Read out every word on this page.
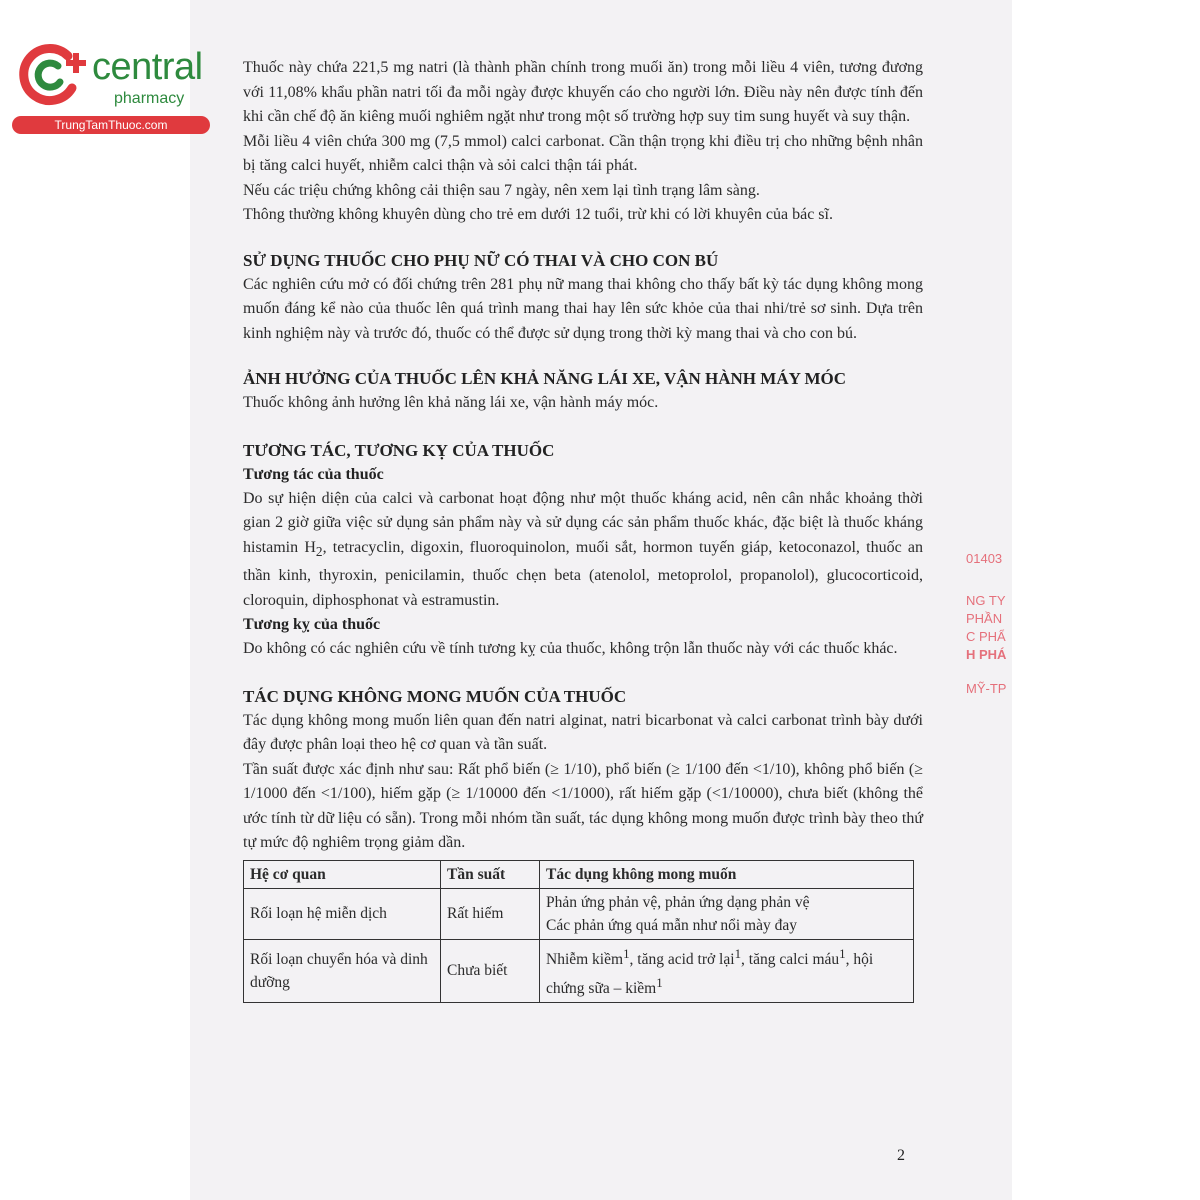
central
pharmacy
TrungTamThuoc.com

Thuốc này chứa 221,5 mg natri (là thành phần chính trong muối ăn) trong mỗi liều 4 viên, tương đương với 11,08% khẩu phần natri tối đa mỗi ngày được khuyến cáo cho người lớn. Điều này nên được tính đến khi cần chế độ ăn kiêng muối nghiêm ngặt như trong một số trường hợp suy tim sung huyết và suy thận.

Mỗi liều 4 viên chứa 300 mg (7,5 mmol) calci carbonat. Cần thận trọng khi điều trị cho những bệnh nhân bị tăng calci huyết, nhiễm calci thận và sỏi calci thận tái phát.

Nếu các triệu chứng không cải thiện sau 7 ngày, nên xem lại tình trạng lâm sàng.

Thông thường không khuyên dùng cho trẻ em dưới 12 tuổi, trừ khi có lời khuyên của bác sĩ.

SỬ DỤNG THUỐC CHO PHỤ NỮ CÓ THAI VÀ CHO CON BÚ

Các nghiên cứu mở có đối chứng trên 281 phụ nữ mang thai không cho thấy bất kỳ tác dụng không mong muốn đáng kể nào của thuốc lên quá trình mang thai hay lên sức khỏe của thai nhi/trẻ sơ sinh. Dựa trên kinh nghiệm này và trước đó, thuốc có thể được sử dụng trong thời kỳ mang thai và cho con bú.

ẢNH HƯỞNG CỦA THUỐC LÊN KHẢ NĂNG LÁI XE, VẬN HÀNH MÁY MÓC

Thuốc không ảnh hưởng lên khả năng lái xe, vận hành máy móc.

TƯƠNG TÁC, TƯƠNG KỴ CỦA THUỐC
Tương tác của thuốc

Do sự hiện diện của calci và carbonat hoạt động như một thuốc kháng acid, nên cân nhắc khoảng thời gian 2 giờ giữa việc sử dụng sản phẩm này và sử dụng các sản phẩm thuốc khác, đặc biệt là thuốc kháng histamin $H_2$, tetracyclin, digoxin, fluoroquinolon, muối sắt, hormon tuyến giáp, ketoconazol, thuốc an thần kinh, thyroxin, penicilamin, thuốc chẹn beta (atenolol, metoprolol, propanolol), glucocorticoid, cloroquin, diphosphonat và estramustin.

Tương kỵ của thuốc

Do không có các nghiên cứu về tính tương kỵ của thuốc, không trộn lẫn thuốc này với các thuốc khác.

TÁC DỤNG KHÔNG MONG MUỐN CỦA THUỐC

Tác dụng không mong muốn liên quan đến natri alginat, natri bicarbonat và calci carbonat trình bày dưới đây được phân loại theo hệ cơ quan và tần suất.

Tần suất được xác định như sau: Rất phổ biến (≥ 1/10), phổ biến (≥ 1/100 đến <1/10), không phổ biến (≥ 1/1000 đến <1/100), hiếm gặp (≥ 1/10000 đến <1/1000), rất hiếm gặp (<1/10000), chưa biết (không thể ước tính từ dữ liệu có sẵn). Trong mỗi nhóm tần suất, tác dụng không mong muốn được trình bày theo thứ tự mức độ nghiêm trọng giảm dần.

Hệ cơ quan	Tần suất	Tác dụng không mong muốn
Rối loạn hệ miễn dịch	Rất hiếm	Phản ứng phản vệ, phản ứng dạng phản vệ
Các phản ứng quá mẫn như nổi mày đay

Rối loạn chuyển hóa và dinh dưỡng	Chưa biết	Nhiễm kiềm$^1$, tăng acid trở lại$^1$, tăng calci máu$^1$, hội chứng sữa – kiềm$^1$
01403
NG TY
PHẦN
C PHẨ
H PHÁ
MỸ-TP
2
